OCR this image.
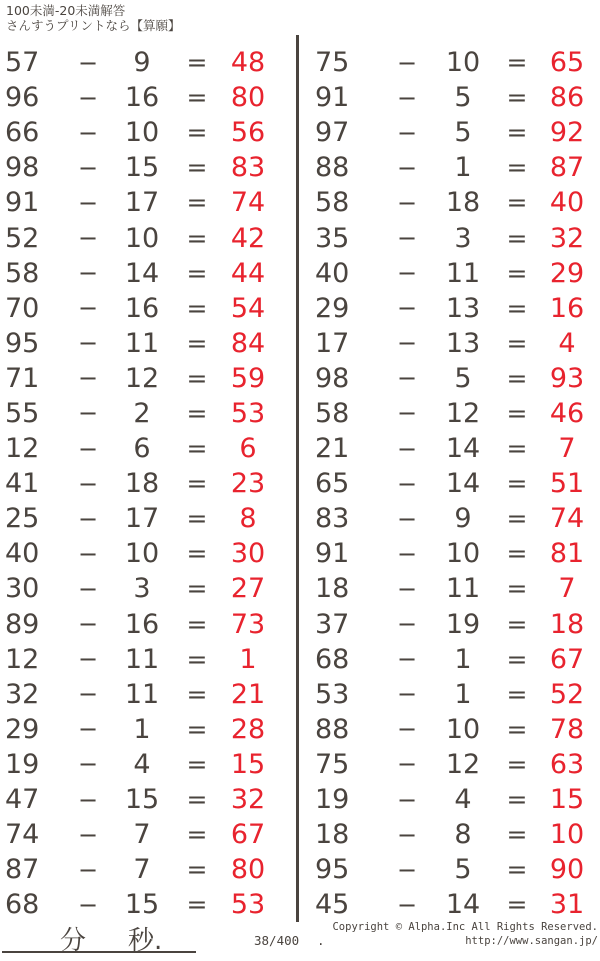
100未満-20未満解答
さんすうプリントなら【算願】
57	−	9	= 48
96	− 16	= 80
66	− 10	= 56
98	− 15	= 83
91	− 17	= 74
52	− 10	= 42
58	− 14	= 44
70	− 16	= 54
95	− 11	= 84
71	− 12	= 59
55	−	2	= 53
12	−	6	=	6
41	− 18	= 23
25	− 17	=	8
40	− 10	= 30
30	−	3	= 27
89	− 16	= 73
12	− 11	=	1
32	− 11	= 21
29	−	1	= 28
19	−	4	= 15
47	− 15	= 32
74	−	7	= 67
87	−	7	= 80
68	− 15	= 53
75	−	10	= 65
91	−	5	= 86
97	−	5	= 92
88	−	1	= 87
58	−	18	= 40
35	−	3	= 32
40	−	11	= 29
29	−	13	= 16
17	−	13	=	4
98	−	5	= 93
58	−	12	= 46
21	−	14	=	7
65	−	14	= 51
83	−	9	= 74
91	−	10	= 81
18	−	11	=	7
37	−	19	= 18
68	−	1	= 67
53	−	1	= 52
88	−	10	= 78
75	−	12	= 63
19	−	4	= 15
18	−	8	= 10
95	−	5	= 90
45	−	14	= 31
分 秒.	38/400 .
Copyright © Alpha.Inc All Rights Reserved.
http://www.sangan.jp/
